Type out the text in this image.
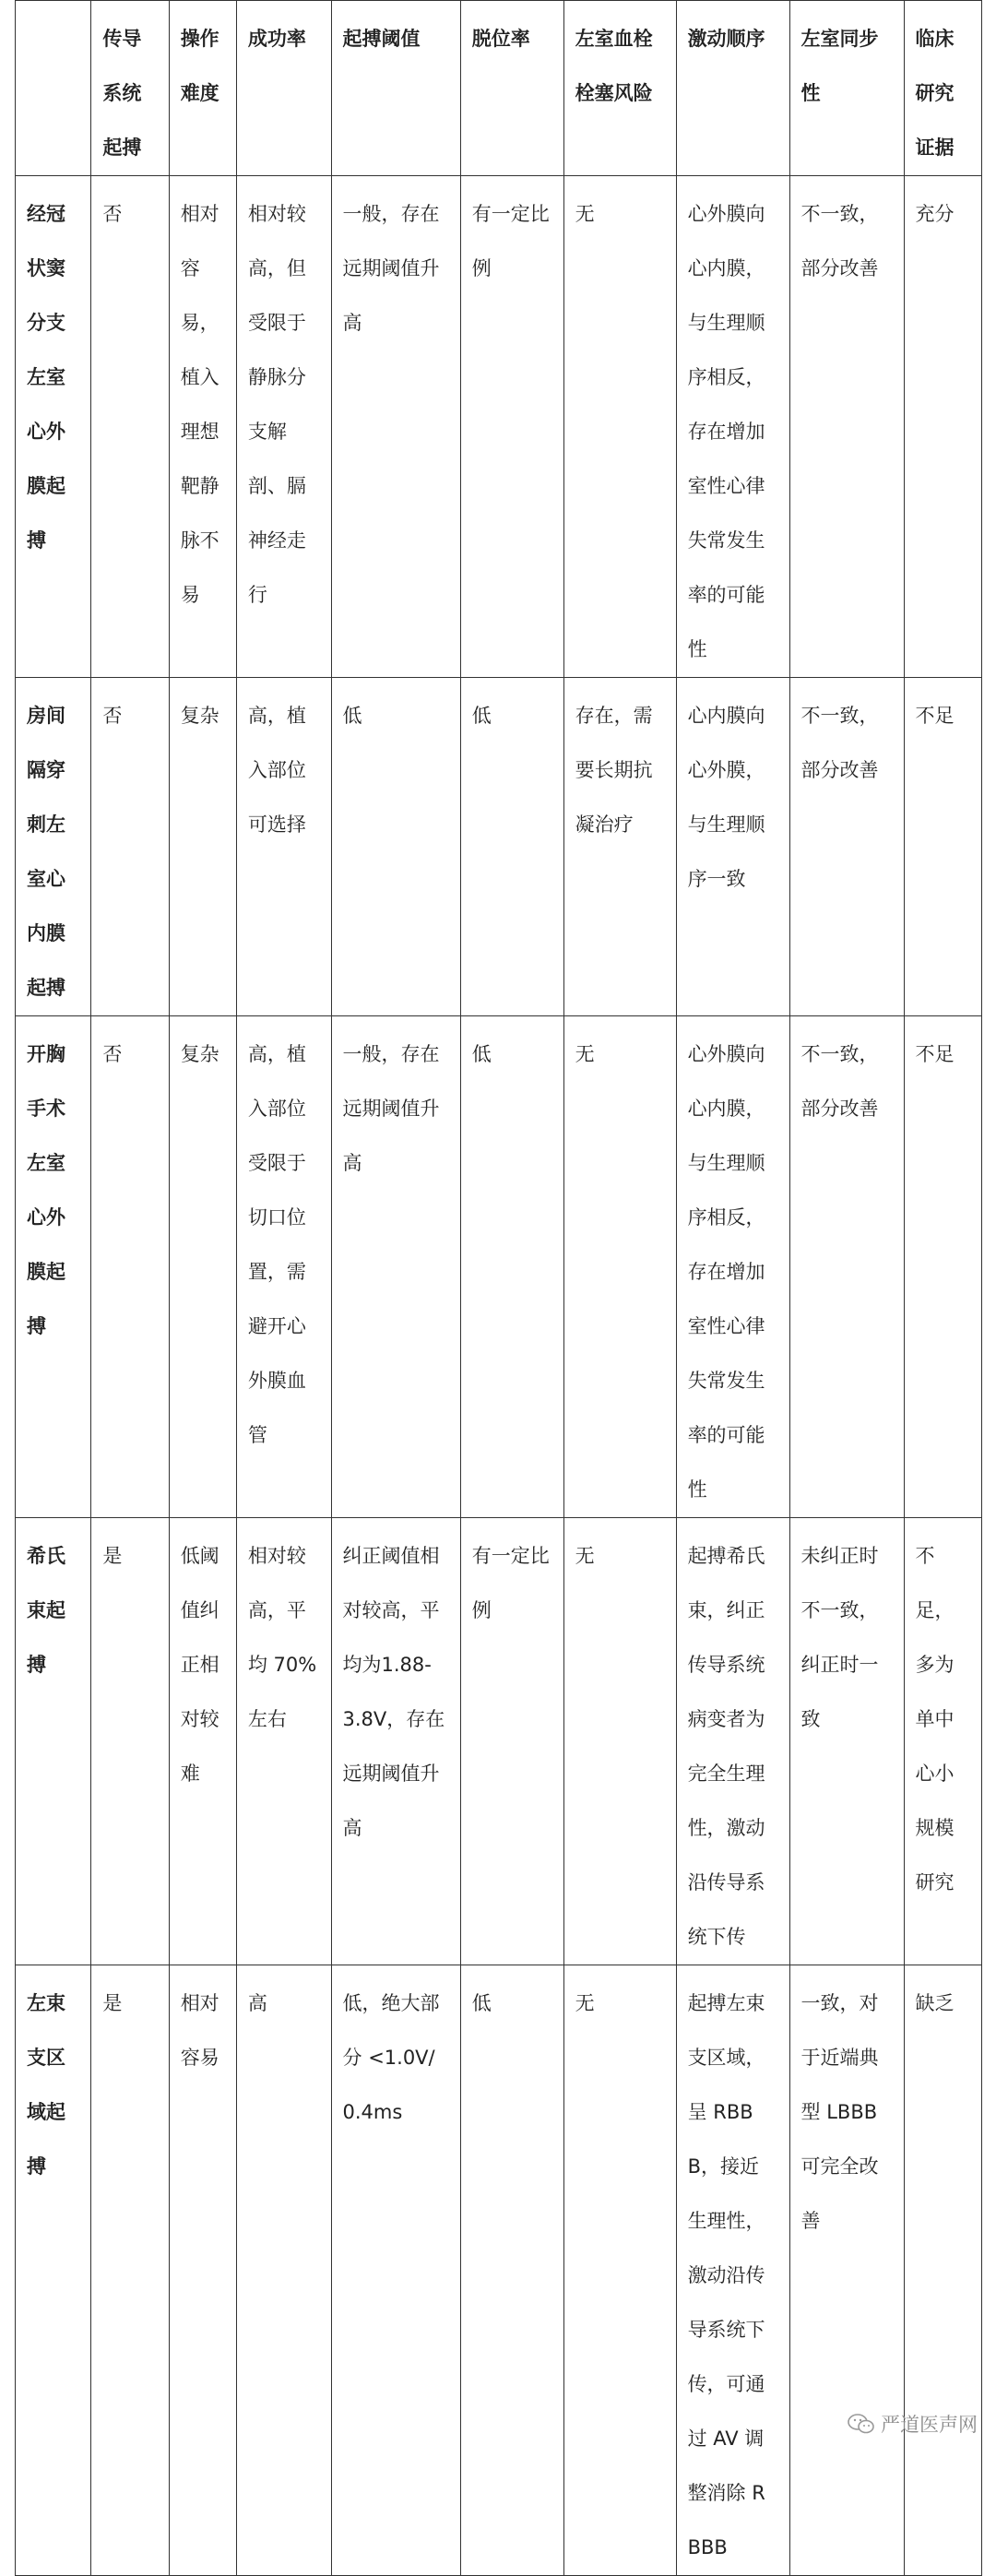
	传导系统起搏	操作难度	成功率	起搏阈值	脱位率	左室血栓栓塞风险	激动顺序	左室同步性	临床研究证据
经冠状窦分支左室心外膜起搏	否	相对容易，植入理想靶静脉不易	相对较高，但受限于静脉分支解剖、膈神经走行	一般，存在远期阈值升高	有一定比例	无	心外膜向心内膜，与生理顺序相反，存在增加室性心律失常发生率的可能性	不一致，部分改善	充分
房间隔穿刺左室心内膜起搏	否	复杂	高，植入部位可选择	低	低	存在，需要长期抗凝治疗	心内膜向心外膜，与生理顺序一致	不一致，部分改善	不足
开胸手术左室心外膜起搏	否	复杂	高，植入部位受限于切口位置，需避开心外膜血管	一般，存在远期阈值升高	低	无	心外膜向心内膜，与生理顺序相反，存在增加室性心律失常发生率的可能性	不一致，部分改善	不足
希氏束起搏	是	低阈值纠正相对较难	相对较高，平均 70% 左右	纠正阈值相对较高，平均为1.88-3.8V，存在远期阈值升高	有一定比例	无	起搏希氏束，纠正传导系统病变者为完全生理性，激动沿传导系统下传	未纠正时不一致，纠正时一致	不足，多为单中心小规模研究
左束支区域起搏	是	相对容易	高	低，绝大部分 <1.0V/0.4ms	低	无	起搏左束支区域，呈 RBBB，接近生理性，激动沿传导系统下传，可通过 AV 调整消除 RBBB	一致，对于近端典型 LBBB 可完全改善	缺乏
严道医声网
